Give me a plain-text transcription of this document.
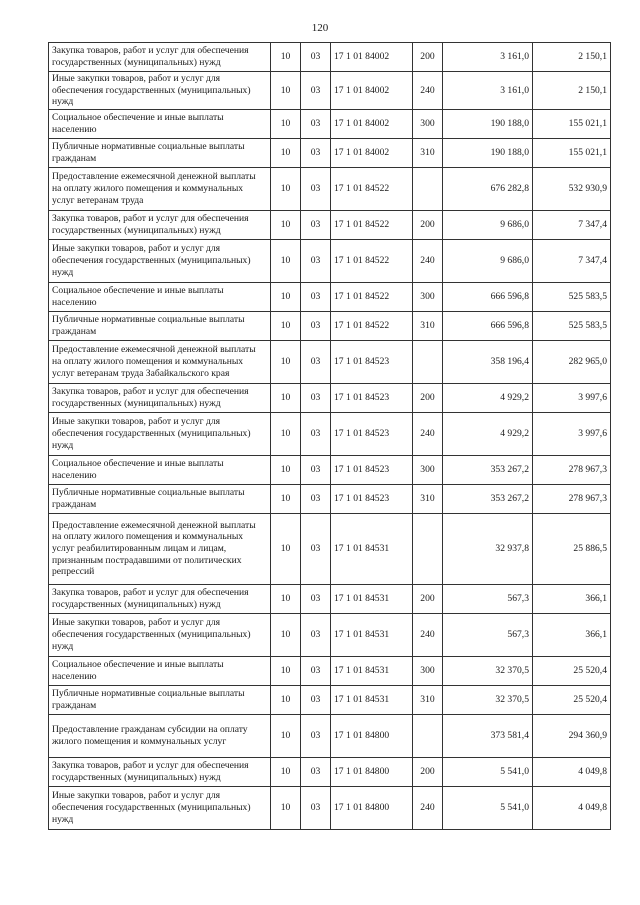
120
Закупка товаров, работ и услуг для обеспечения государственных (муниципальных) нужд	10	03	17 1 01 84002	200	3 161,0	2 150,1
Иные закупки товаров, работ и услуг для обеспечения государственных (муниципальных) нужд	10	03	17 1 01 84002	240	3 161,0	2 150,1
Социальное обеспечение и иные выплаты населению	10	03	17 1 01 84002	300	190 188,0	155 021,1
Публичные нормативные социальные выплаты гражданам	10	03	17 1 01 84002	310	190 188,0	155 021,1
Предоставление ежемесячной денежной выплаты на оплату жилого помещения и коммунальных услуг ветеранам труда	10	03	17 1 01 84522		676 282,8	532 930,9
Закупка товаров, работ и услуг для обеспечения государственных (муниципальных) нужд	10	03	17 1 01 84522	200	9 686,0	7 347,4
Иные закупки товаров, работ и услуг для обеспечения государственных (муниципальных) нужд	10	03	17 1 01 84522	240	9 686,0	7 347,4
Социальное обеспечение и иные выплаты населению	10	03	17 1 01 84522	300	666 596,8	525 583,5
Публичные нормативные социальные выплаты гражданам	10	03	17 1 01 84522	310	666 596,8	525 583,5
Предоставление ежемесячной денежной выплаты на оплату жилого помещения и коммунальных услуг ветеранам труда Забайкальского края	10	03	17 1 01 84523		358 196,4	282 965,0
Закупка товаров, работ и услуг для обеспечения государственных (муниципальных) нужд	10	03	17 1 01 84523	200	4 929,2	3 997,6
Иные закупки товаров, работ и услуг для обеспечения государственных (муниципальных) нужд	10	03	17 1 01 84523	240	4 929,2	3 997,6
Социальное обеспечение и иные выплаты населению	10	03	17 1 01 84523	300	353 267,2	278 967,3
Публичные нормативные социальные выплаты гражданам	10	03	17 1 01 84523	310	353 267,2	278 967,3
Предоставление ежемесячной денежной выплаты на оплату жилого помещения и коммунальных услуг реабилитированным лицам и лицам, признанным пострадавшими от политических репрессий	10	03	17 1 01 84531		32 937,8	25 886,5
Закупка товаров, работ и услуг для обеспечения государственных (муниципальных) нужд	10	03	17 1 01 84531	200	567,3	366,1
Иные закупки товаров, работ и услуг для обеспечения государственных (муниципальных) нужд	10	03	17 1 01 84531	240	567,3	366,1
Социальное обеспечение и иные выплаты населению	10	03	17 1 01 84531	300	32 370,5	25 520,4
Публичные нормативные социальные выплаты гражданам	10	03	17 1 01 84531	310	32 370,5	25 520,4
Предоставление гражданам субсидии на оплату жилого помещения и коммунальных услуг	10	03	17 1 01 84800		373 581,4	294 360,9
Закупка товаров, работ и услуг для обеспечения государственных (муниципальных) нужд	10	03	17 1 01 84800	200	5 541,0	4 049,8
Иные закупки товаров, работ и услуг для обеспечения государственных (муниципальных) нужд	10	03	17 1 01 84800	240	5 541,0	4 049,8
